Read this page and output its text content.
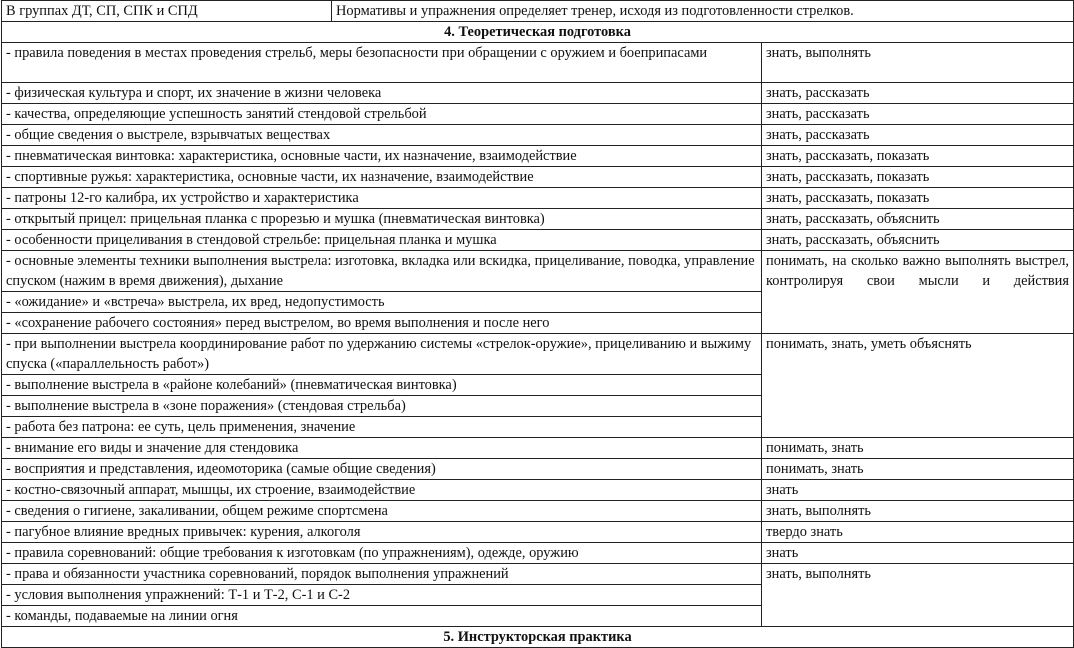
В группах ДТ, СП, СПК и СПД	Нормативы и упражнения определяет тренер, исходя из подготовленности стрелков.	
4. Теоретическая подготовка		
- правила поведения в местах проведения стрельб, меры безопасности при обращении с оружием и боеприпасами		знать, выполнять
- физическая культура и спорт, их значение в жизни человека		знать, рассказать
- качества, определяющие успешность занятий стендовой стрельбой		знать, рассказать
- общие сведения о выстреле, взрывчатых веществах		знать, рассказать
- пневматическая винтовка: характеристика, основные части, их назначение, взаимодействие		знать, рассказать, показать
- спортивные ружья: характеристика, основные части, их назначение, взаимодействие		знать, рассказать, показать
- патроны 12-го калибра, их устройство и характеристика		знать, рассказать, показать
- открытый прицел: прицельная планка с прорезью и мушка (пневматическая винтовка)		знать, рассказать, объяснить
- особенности прицеливания в стендовой стрельбе: прицельная планка и мушка		знать, рассказать, объяснить
- основные элементы техники выполнения выстрела: изготовка, вкладка или вскидка, прицеливание, поводка, управление спуском (нажим в время движения), дыхание		понимать, на сколько важно выполнять выстрел, контролируя свои мысли и действия
- «ожидание» и «встреча» выстрела, их вред, недопустимость		
- «сохранение рабочего состояния» перед выстрелом, во время выполнения и после него		
- при выполнении выстрела координирование работ по удержанию системы «стрелок-оружие», прицеливанию и выжиму спуска («параллельность работ»)		понимать, знать, уметь объяснять
- выполнение выстрела в «районе колебаний» (пневматическая винтовка)		
- выполнение выстрела в «зоне поражения» (стендовая стрельба)		
- работа без патрона: ее суть, цель применения, значение		
- внимание его виды и значение для стендовика		понимать, знать
- восприятия и представления, идеомоторика (самые общие сведения)		понимать, знать
- костно-связочный аппарат, мышцы, их строение, взаимодействие		знать
- сведения о гигиене, закаливании, общем режиме спортсмена		знать, выполнять
- пагубное влияние вредных привычек: курения, алкоголя		твердо знать
- правила соревнований: общие требования к изготовкам (по упражнениям), одежде, оружию		знать
- права и обязанности участника соревнований, порядок выполнения упражнений		знать, выполнять
- условия выполнения упражнений: Т-1 и Т-2, С-1 и С-2		
- команды, подаваемые на линии огня		
5. Инструкторская практика		
